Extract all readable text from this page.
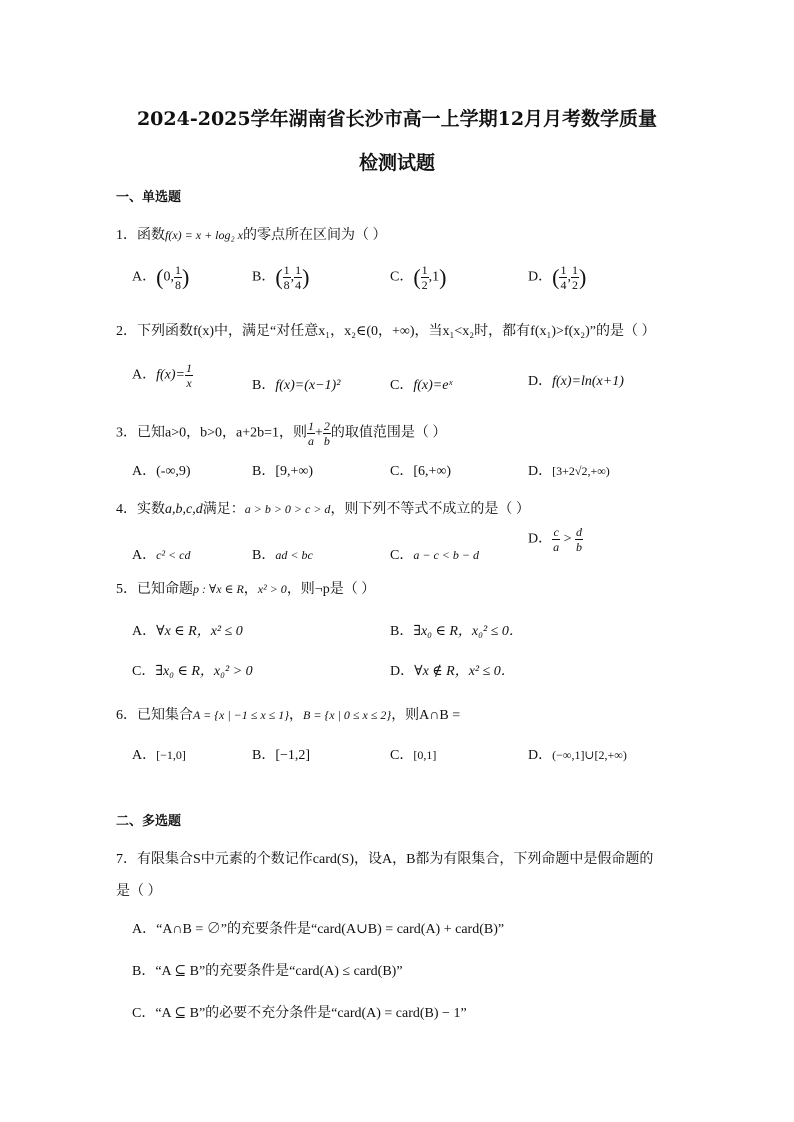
2024-2025学年湖南省长沙市高一上学期12月月考数学质量
检测试题
一、单选题
1．函数f(x) = x + log₂ x的零点所在区间为（ ）
A．(0, $\frac{1}{8}$ )	B．( $\frac{1}{8}$ , $\frac{1}{4}$ )	C．( $\frac{1}{2} ,1$)	D．( $\frac{1}{4}$ , $\frac{1}{2}$ )
2．下列函数f(x)中，满足“对任意x₁，x₂∈(0，+∞)，当x₁<x₂时，都有f(x₁)>f(x₂)”的是（ ）
A．$f(x)= \frac{1}{x}$	B．f(x)=(x−1)²	C．f(x)=eˣ	D．f(x)=ln(x+1)
3．已知a>0，b>0，a+2b=1，则 $\frac{1}{a} + \frac{2}{b}$ 的取值范围是（ ）
A．(-∞,9)	B．[9,+∞)	C．[6,+∞)	D．[3+2√2,+∞)
4．实数a,b,c,d满足：a > b > 0 > c > d，则下列不等式不成立的是（ ）
A．c² < cd	B．ad < bc	C．a − c < b − d
D． $\frac{c}{a} > \frac{d}{b}$
5．已知命题p : ∀x ∈ R，x² > 0，则¬p是（ ）
A．∀x ∈ R，x² ≤ 0	B．∃x₀ ∈ R，x₀² ≤ 0．
C．∃x₀ ∈ R，x₀² > 0	D．∀x ∉ R，x² ≤ 0．
6．已知集合A = {x | −1 ≤ x ≤ 1}，B = {x | 0 ≤ x ≤ 2}，则A∩B =
A．[−1,0]	B．[−1,2]	C．[0,1]	D．(−∞,1]∪[2,+∞)
二、多选题
7．有限集合S中元素的个数记作card(S)，设A，B都为有限集合，下列命题中是假命题的
是（ ）
A．“A∩B = ∅”的充要条件是“card(A∪B) = card(A) + card(B)”
B．“A ⊆ B”的充要条件是“card(A) ≤ card(B)”
C．“A ⊆ B”的必要不充分条件是“card(A) = card(B) − 1”
